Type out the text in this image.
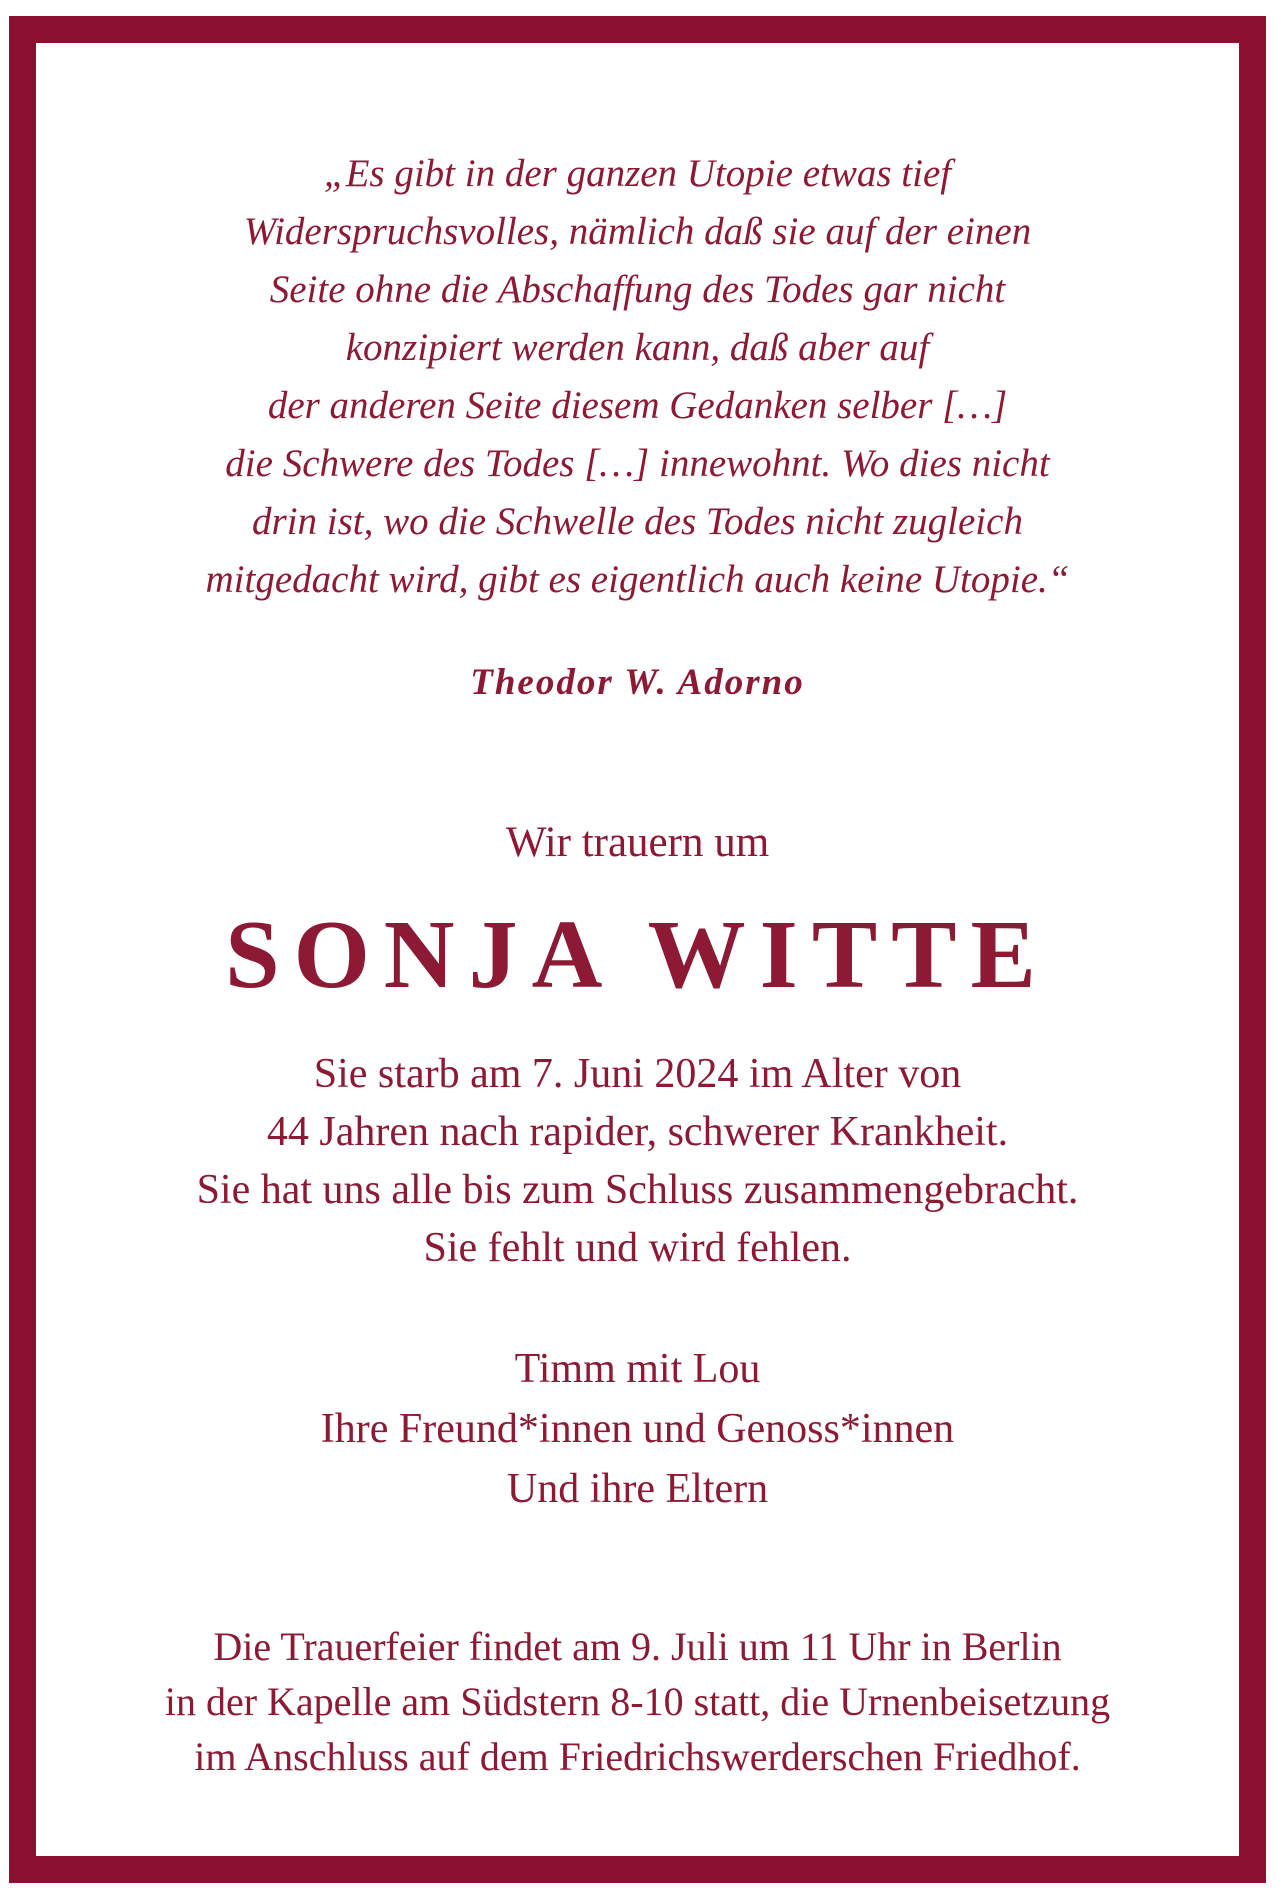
„Es gibt in der ganzen Utopie etwas tief
Widerspruchsvolles, nämlich daß sie auf der einen
Seite ohne die Abschaffung des Todes gar nicht
konzipiert werden kann, daß aber auf
der anderen Seite diesem Gedanken selber […]
die Schwere des Todes […] innewohnt. Wo dies nicht
drin ist, wo die Schwelle des Todes nicht zugleich
mitgedacht wird, gibt es eigentlich auch keine Utopie.“
Theodor W. Adorno
Wir trauern um
SONJA WITTE
Sie starb am 7. Juni 2024 im Alter von
44 Jahren nach rapider, schwerer Krankheit.
Sie hat uns alle bis zum Schluss zusammengebracht.
Sie fehlt und wird fehlen.
Timm mit Lou
Ihre Freund*innen und Genoss*innen
Und ihre Eltern
Die Trauerfeier findet am 9. Juli um 11 Uhr in Berlin
in der Kapelle am Südstern 8-10 statt, die Urnenbeisetzung
im Anschluss auf dem Friedrichswerderschen Friedhof.
